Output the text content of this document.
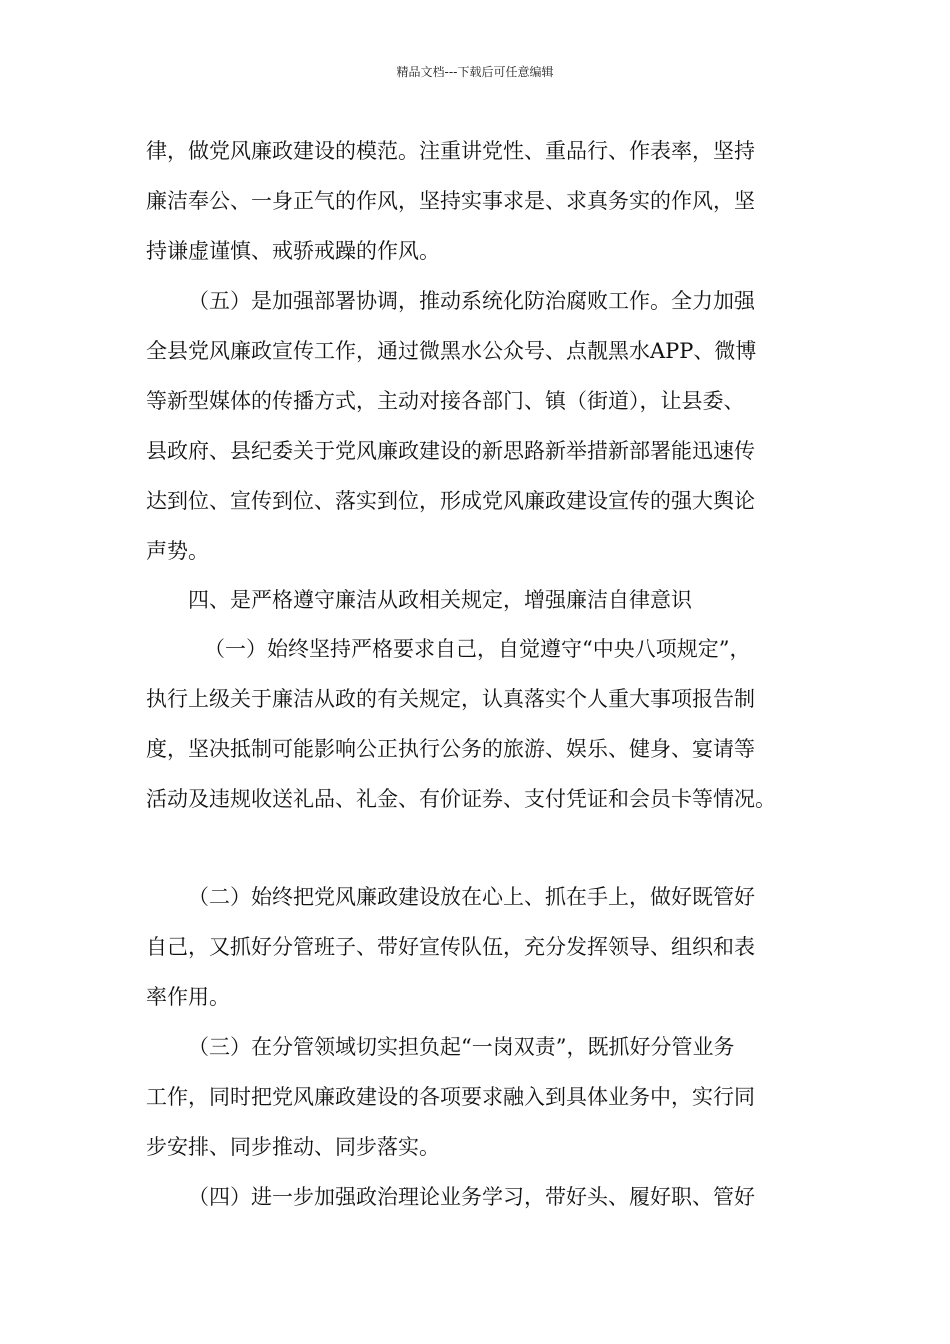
精品文档---下载后可任意编辑
律，做党风廉政建设的模范。注重讲党性、重品行、作表率，坚持
廉洁奉公、一身正气的作风，坚持实事求是、求真务实的作风，坚
持谦虚谨慎、戒骄戒躁的作风。
（五）是加强部署协调，推动系统化防治腐败工作。全力加强
全县党风廉政宣传工作，通过微黑水公众号、点靓黑水APP、微博
等新型媒体的传播方式，主动对接各部门、镇（街道），让县委、
县政府、县纪委关于党风廉政建设的新思路新举措新部署能迅速传
达到位、宣传到位、落实到位，形成党风廉政建设宣传的强大舆论
声势。
四、是严格遵守廉洁从政相关规定，增强廉洁自律意识
（一）始终坚持严格要求自己，自觉遵守“中央八项规定”，
执行上级关于廉洁从政的有关规定，认真落实个人重大事项报告制
度，坚决抵制可能影响公正执行公务的旅游、娱乐、健身、宴请等
活动及违规收送礼品、礼金、有价证券、支付凭证和会员卡等情况。
（二）始终把党风廉政建设放在心上、抓在手上，做好既管好
自己，又抓好分管班子、带好宣传队伍，充分发挥领导、组织和表
率作用。
（三）在分管领域切实担负起“一岗双责”，既抓好分管业务
工作，同时把党风廉政建设的各项要求融入到具体业务中，实行同
步安排、同步推动、同步落实。
（四）进一步加强政治理论业务学习，带好头、履好职、管好
